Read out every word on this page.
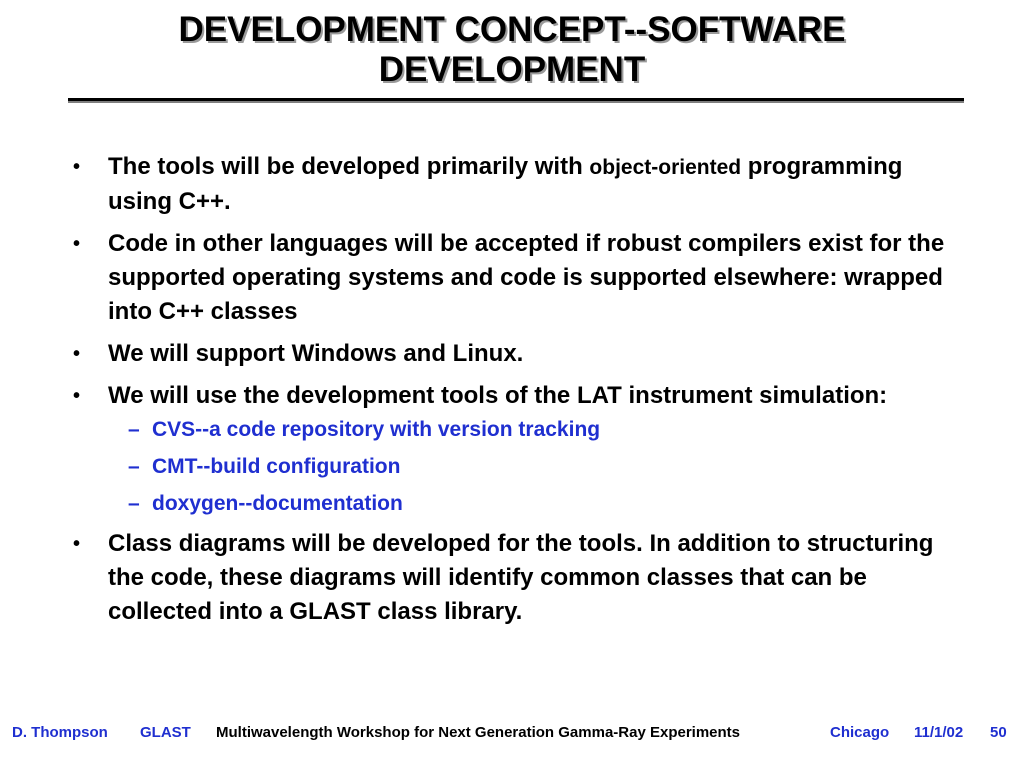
DEVELOPMENT CONCEPT--SOFTWARE
DEVELOPMENT
• The tools will be developed primarily with object-oriented programming using C++.
• Code in other languages will be accepted if robust compilers exist for the supported operating systems and code is supported elsewhere: wrapped into C++ classes
• We will support Windows and Linux.
• We will use the development tools of the LAT instrument simulation:
– CVS--a code repository with version tracking
– CMT--build configuration
– doxygen--documentation
• Class diagrams will be developed for the tools. In addition to structuring the code, these diagrams will identify common classes that can be collected into a GLAST class library.
D. Thompson GLAST Multiwavelength Workshop for Next Generation Gamma-Ray Experiments	Chicago 11/1/02 50
